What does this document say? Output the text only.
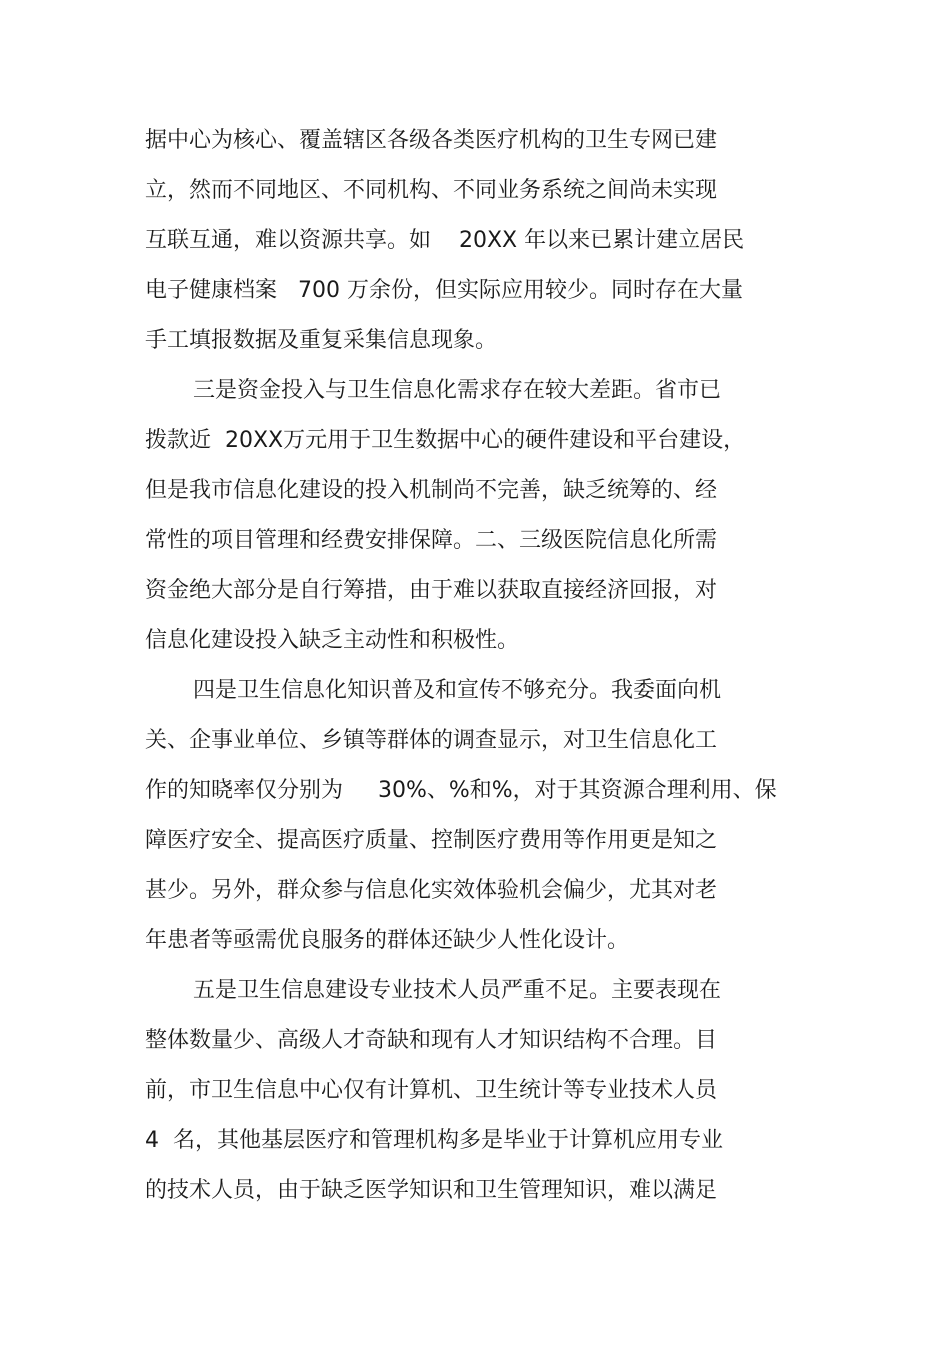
据中心为核心、覆盖辖区各级各类医疗机构的卫生专网已建
立，然而不同地区、不同机构、不同业务系统之间尚未实现
互联互通，难以资源共享。如    20XX 年以来已累计建立居民
电子健康档案   700 万余份，但实际应用较少。同时存在大量
手工填报数据及重复采集信息现象。
三是资金投入与卫生信息化需求存在较大差距。省市已
拨款近  20XX万元用于卫生数据中心的硬件建设和平台建设，
但是我市信息化建设的投入机制尚不完善，缺乏统筹的、经
常性的项目管理和经费安排保障。二、三级医院信息化所需
资金绝大部分是自行筹措，由于难以获取直接经济回报，对
信息化建设投入缺乏主动性和积极性。
四是卫生信息化知识普及和宣传不够充分。我委面向机
关、企事业单位、乡镇等群体的调查显示，对卫生信息化工
作的知晓率仅分别为     30%、%和%，对于其资源合理利用、保
障医疗安全、提高医疗质量、控制医疗费用等作用更是知之
甚少。另外，群众参与信息化实效体验机会偏少，尤其对老
年患者等亟需优良服务的群体还缺少人性化设计。
五是卫生信息建设专业技术人员严重不足。主要表现在
整体数量少、高级人才奇缺和现有人才知识结构不合理。目
前，市卫生信息中心仅有计算机、卫生统计等专业技术人员
4  名，其他基层医疗和管理机构多是毕业于计算机应用专业
的技术人员，由于缺乏医学知识和卫生管理知识，难以满足
